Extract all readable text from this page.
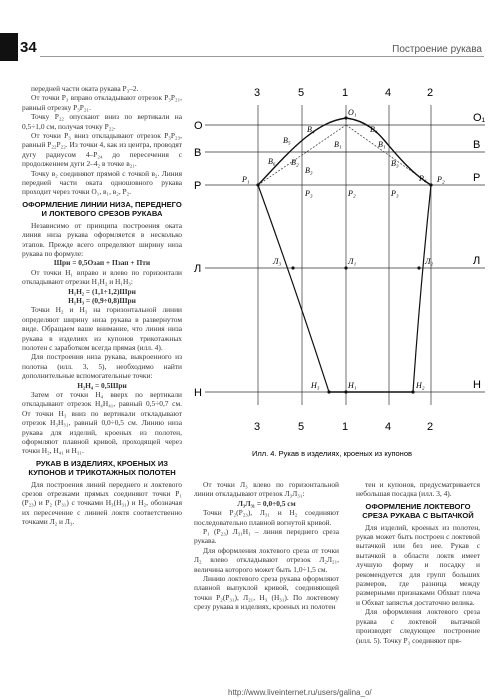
34	Построение рукава

передней части оката рукава Р₃–2.

От точки Р₃ вправо откладывают отрезок Р₃Р₂₁, равный отрезку Р₃Р₂₁.

Точку Р₂₂ опускают вниз по вертикали на 0,5÷1,0 см, получая точку Р₂₂.

От точки Р₃ вниз откладывают отрезок Р₃Р₂₃, равный Р₂₂Р₂₂. Из точки 4, как из центра, проводят дугу радиусом 4–Р₂₄ до пересечения с продолжением дуги 2–4₂ в точке в₂₁.

Точку в₂ соединяют прямой с точкой в₂. Линия передней части оката одношовного рукава проходит через точки О₁, в₁, в₂, Р₂.

ОФОРМЛЕНИЕ ЛИНИИ НИЗА, ПЕРЕДНЕГО И ЛОКТЕВОГО СРЕЗОВ РУКАВА

Независимо от принципа построения оката линия низа рукава оформляется в несколько этапов. Прежде всего определяют ширину низа рукава по формуле:

Шрн = 0,5Озап + Пзап + Пти

От точки Н₁ вправо и влево по горизонтали откладывают отрезки Н₁Н₂ и Н₁Н₃:

Н₁Н₂ = (1,1÷1,2)Шрн

Н₁Н₃ = (0,9÷0,8)Шрн

Точки Н₂ и Н₃ на горизонтальной линии определяют ширину низа рукава в развернутом виде. Обращаем ваше внимание, что линия низа рукава в изделиях из купонов трикотажных полотен с заработком всегда прямая (илл. 4).

Для построения низа рукава, выкроенного из полотна (илл. 3, 5), необходимо найти дополнительные вспомогательные точки:

Н₂Н₄ = 0,5Шрн

Затем от точки Н₄ вверх по вертикали откладывают отрезок Н₄Н₄₁, равный 0,5÷0,7 см. От точки Н₃ вниз по вертикали откладывают отрезок Н₃Н₃₁, равный 0,0÷0,5 см. Линию низа рукава для изделий, кроеных из полотен, оформляют плавной кривой, проходящей через точки Н₂, Н₄₁ и Н₃₁.

РУКАВ В ИЗДЕЛИЯХ, КРОЕНЫХ ИЗ КУПОНОВ И ТРИКОТАЖНЫХ ПОЛОТЕН

Для построения линий переднего и локтевого срезов отрезками прямых соединяют точки Р₁ (Р₂₃) и Р₂ (Р₃₁) с точками Н₃(Н₃₁) и Н₂, обозначая их пересечение с линией локтя соответственно точками Л₂ и Л₃.

От точки Л₃ влево по горизонтальной линии откладывают отрезок Л₃Л₃₁:

Л₃Л₃₁ = 0,0÷0,5 см

Точки Р₂(Р₂₃), Л₃₁ и Н₂ соединяют последовательно плавной вогнутой кривой.

Р₁ (Р₂₃) Л₃₁Н₁ – линия переднего среза рукава.

Для оформления локтевого среза от точки Л₂ влево откладывают отрезок Л₂Л₂₁, величина которого может быть 1,0÷1,5 см.

Линию локтевого среза рукава оформляют плавной выпуклой кривой, соединяющей точки Р₂(Р₃₁), Л₂₁, Н₃ (Н₃₁). По локтевому срезу рукава в изделиях, кроеных из полотен

тен и купонов, предусматривается небольшая посадка (илл. 3, 4).

ОФОРМЛЕНИЕ ЛОКТЕВОГО СРЕЗА РУКАВА С ВЫТАЧКОЙ

Для изделий, кроеных из полотен, рукав может быть построен с локтевой вытачкой или без нее. Рукав с вытачкой в области локтя имеет лучшую форму и посадку и рекомендуется для групп больших размеров, где разница между размерными признаками Обхват плеча и Обхват запястья достаточно велика.

Для оформления локтевого среза рукава с локтевой вытачкой производят следующее построение (илл. 5). Точку Р₃ соединяют пря-

3	5	1	4	2
3	5	1	4	2
О
В
Р
Л
Н
О₁
В
Р
Л
Н
О₁
В₁	В₁
В₅
В₄	В₄
В₆ В₂
В₃
В₃
Р₁
Р₃	Р₂	Р₃
Р₄ Р₂
Л₃	Л₁	Л₂
Н₃	Н₁	Н₂
Илл. 4. Рукав в изделиях, кроеных из купонов
http://www.liveinternet.ru/users/galina_o/
